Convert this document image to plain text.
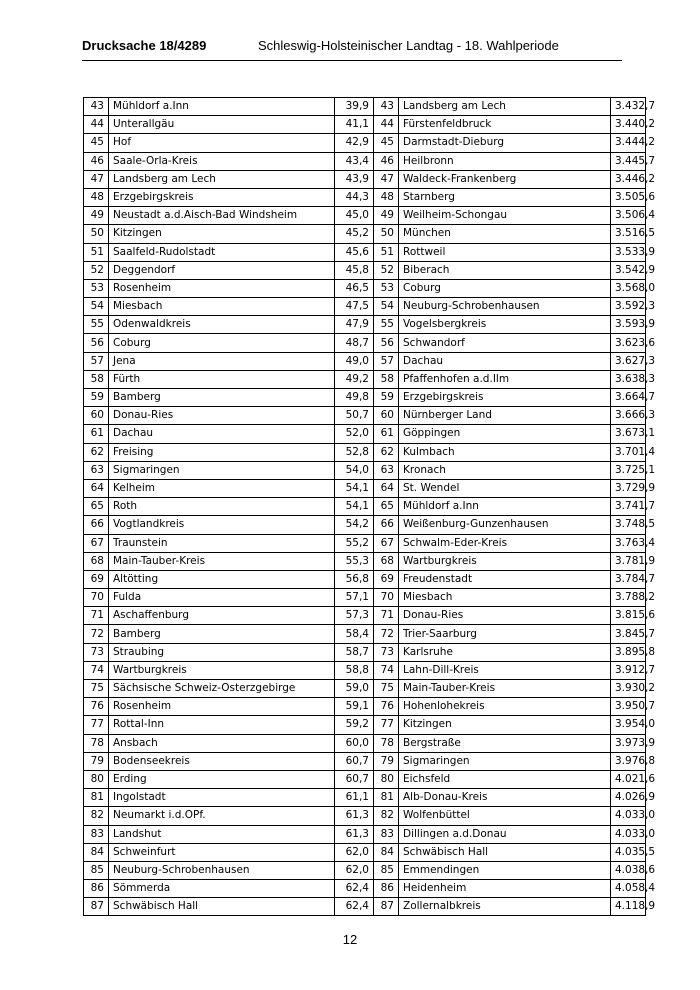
Drucksache 18/4289	Schleswig-Holsteinischer Landtag - 18. Wahlperiode
43	Mühldorf a.Inn	39,9	43	Landsberg am Lech	3.432,7
44	Unterallgäu	41,1	44	Fürstenfeldbruck	3.440,2
45	Hof	42,9	45	Darmstadt-Dieburg	3.444,2
46	Saale-Orla-Kreis	43,4	46	Heilbronn	3.445,7
47	Landsberg am Lech	43,9	47	Waldeck-Frankenberg	3.446,2
48	Erzgebirgskreis	44,3	48	Starnberg	3.505,6
49	Neustadt a.d.Aisch-Bad Windsheim	45,0	49	Weilheim-Schongau	3.506,4
50	Kitzingen	45,2	50	München	3.516,5
51	Saalfeld-Rudolstadt	45,6	51	Rottweil	3.533,9
52	Deggendorf	45,8	52	Biberach	3.542,9
53	Rosenheim	46,5	53	Coburg	3.568,0
54	Miesbach	47,5	54	Neuburg-Schrobenhausen	3.592,3
55	Odenwaldkreis	47,9	55	Vogelsbergkreis	3.593,9
56	Coburg	48,7	56	Schwandorf	3.623,6
57	Jena	49,0	57	Dachau	3.627,3
58	Fürth	49,2	58	Pfaffenhofen a.d.Ilm	3.638,3
59	Bamberg	49,8	59	Erzgebirgskreis	3.664,7
60	Donau-Ries	50,7	60	Nürnberger Land	3.666,3
61	Dachau	52,0	61	Göppingen	3.673,1
62	Freising	52,8	62	Kulmbach	3.701,4
63	Sigmaringen	54,0	63	Kronach	3.725,1
64	Kelheim	54,1	64	St. Wendel	3.729,9
65	Roth	54,1	65	Mühldorf a.Inn	3.741,7
66	Vogtlandkreis	54,2	66	Weißenburg-Gunzenhausen	3.748,5
67	Traunstein	55,2	67	Schwalm-Eder-Kreis	3.763,4
68	Main-Tauber-Kreis	55,3	68	Wartburgkreis	3.781,9
69	Altötting	56,8	69	Freudenstadt	3.784,7
70	Fulda	57,1	70	Miesbach	3.788,2
71	Aschaffenburg	57,3	71	Donau-Ries	3.815,6
72	Bamberg	58,4	72	Trier-Saarburg	3.845,7
73	Straubing	58,7	73	Karlsruhe	3.895,8
74	Wartburgkreis	58,8	74	Lahn-Dill-Kreis	3.912,7
75	Sächsische Schweiz-Osterzgebirge	59,0	75	Main-Tauber-Kreis	3.930,2
76	Rosenheim	59,1	76	Hohenlohekreis	3.950,7
77	Rottal-Inn	59,2	77	Kitzingen	3.954,0
78	Ansbach	60,0	78	Bergstraße	3.973,9
79	Bodenseekreis	60,7	79	Sigmaringen	3.976,8
80	Erding	60,7	80	Eichsfeld	4.021,6
81	Ingolstadt	61,1	81	Alb-Donau-Kreis	4.026,9
82	Neumarkt i.d.OPf.	61,3	82	Wolfenbüttel	4.033,0
83	Landshut	61,3	83	Dillingen a.d.Donau	4.033,0
84	Schweinfurt	62,0	84	Schwäbisch Hall	4.035,5
85	Neuburg-Schrobenhausen	62,0	85	Emmendingen	4.038,6
86	Sömmerda	62,4	86	Heidenheim	4.058,4
87	Schwäbisch Hall	62,4	87	Zollernalbkreis	4.118,9
12
